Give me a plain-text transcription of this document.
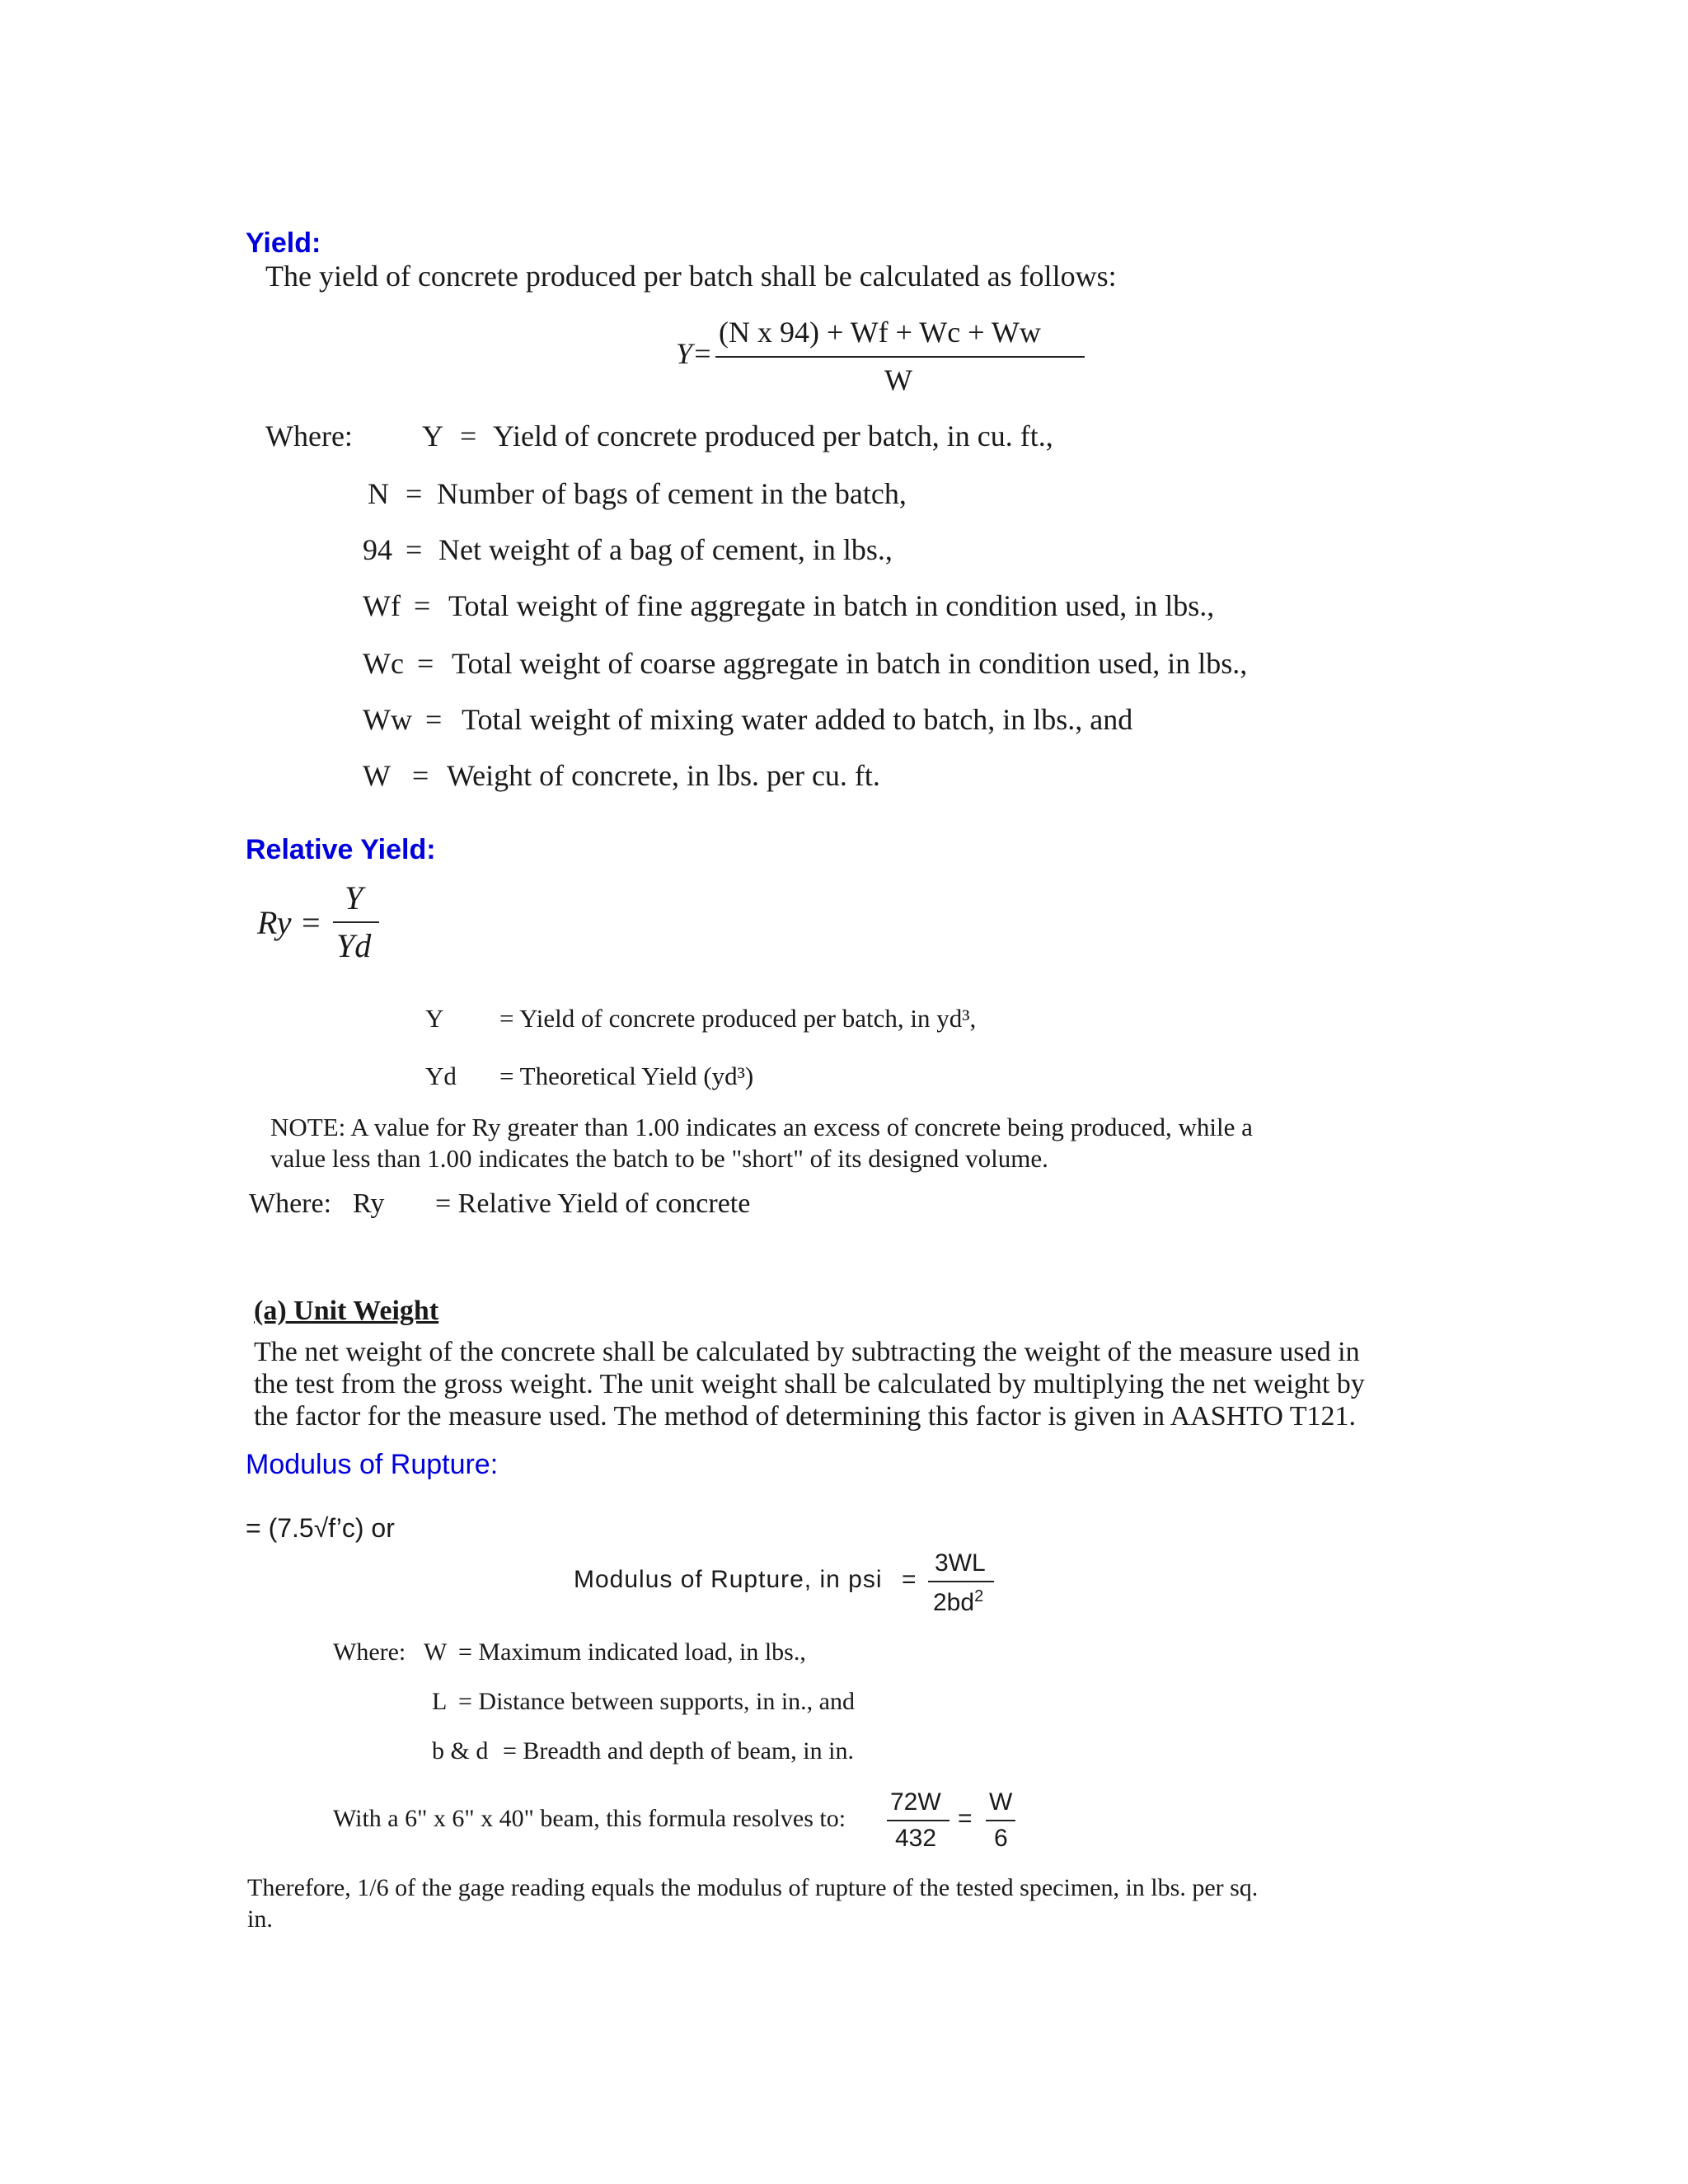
Yield:
The yield of concrete produced per batch shall be calculated as follows:
Y=
(N x 94) + Wf + Wc + Ww
W
Where: Y = Yield of concrete produced per batch, in cu. ft.,
N = Number of bags of cement in the batch,
94 = Net weight of a bag of cement, in lbs.,
Wf = Total weight of fine aggregate in batch in condition used, in lbs.,
Wc = Total weight of coarse aggregate in batch in condition used, in lbs.,
Ww = Total weight of mixing water added to batch, in lbs., and
W = Weight of concrete, in lbs. per cu. ft.
Relative Yield:
Ry =
Y
Yd
Y = Yield of concrete produced per batch, in yd³,
Yd = Theoretical Yield (yd³)
NOTE: A value for Ry greater than 1.00 indicates an excess of concrete being produced, while a
value less than 1.00 indicates the batch to be "short" of its designed volume.
Where: Ry = Relative Yield of concrete
(a) Unit Weight
The net weight of the concrete shall be calculated by subtracting the weight of the measure used in
the test from the gross weight. The unit weight shall be calculated by multiplying the net weight by
the factor for the measure used. The method of determining this factor is given in AASHTO T121.
Modulus of Rupture:
= (7.5√f’c) or
Modulus of Rupture, in psi =
3WL
$2bd^2$
Where: W = Maximum indicated load, in lbs.,
L = Distance between supports, in in., and
b & d = Breadth and depth of beam, in in.
With a 6" x 6" x 40" beam, this formula resolves to:
72W
432
=
W
6
Therefore, 1/6 of the gage reading equals the modulus of rupture of the tested specimen, in lbs. per sq.
in.
